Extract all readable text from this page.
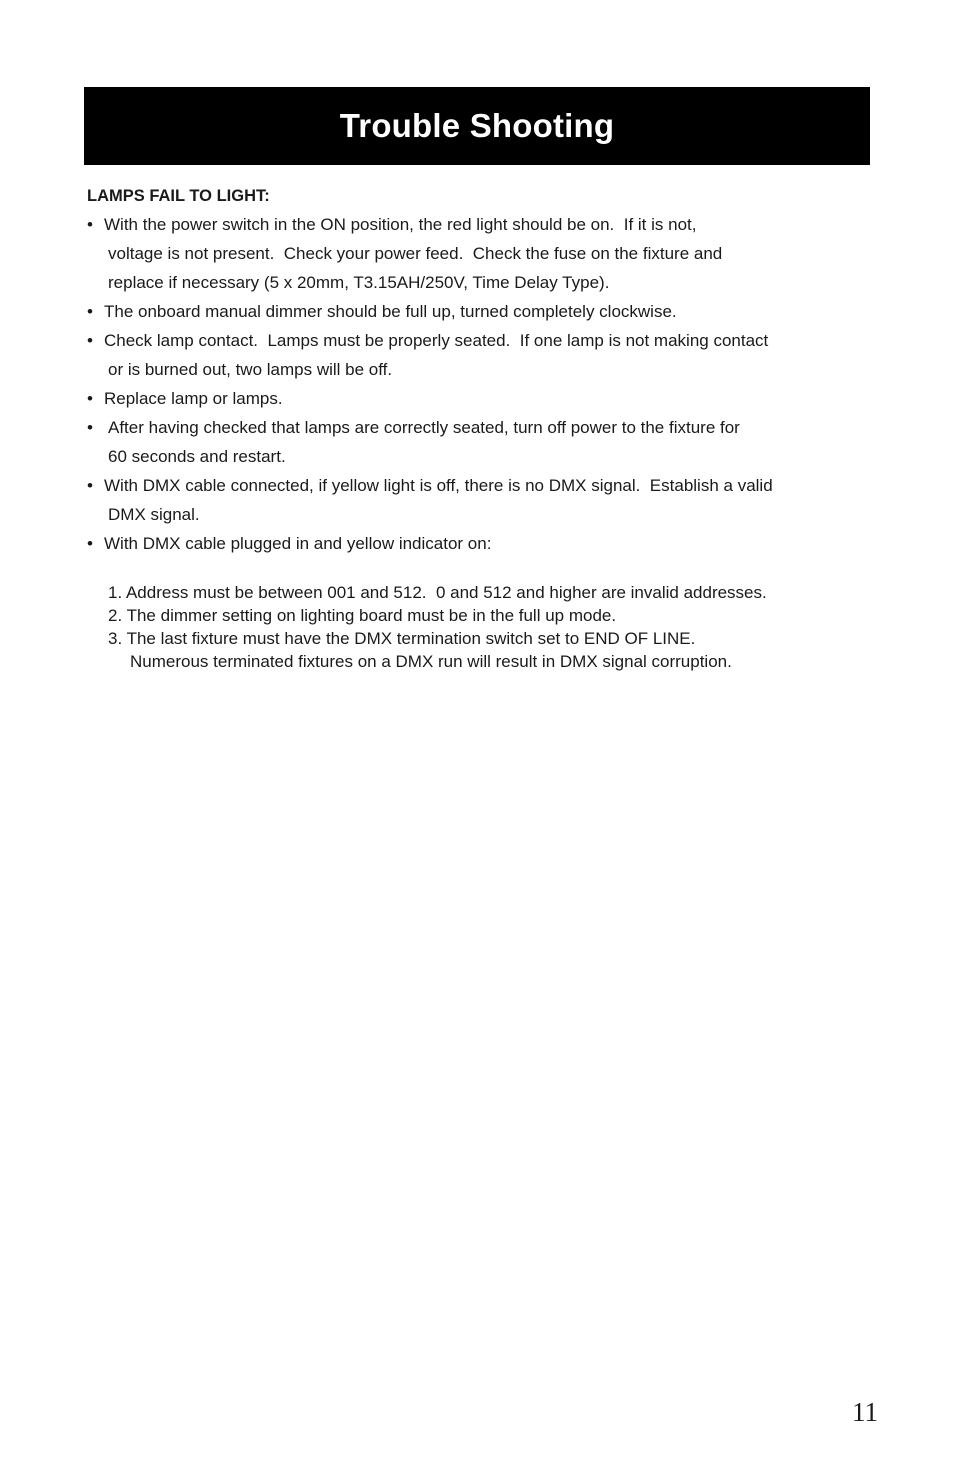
Trouble Shooting
LAMPS FAIL TO LIGHT:
• With the power switch in the ON position, the red light should be on.  If it is not,

voltage is not present.  Check your power feed.  Check the fuse on the fixture and

replace if necessary (5 x 20mm, T3.15AH/250V, Time Delay Type).

• The onboard manual dimmer should be full up, turned completely clockwise.

• Check lamp contact.  Lamps must be properly seated.  If one lamp is not making contact

or is burned out, two lamps will be off.

• Replace lamp or lamps.

• After having checked that lamps are correctly seated, turn off power to the fixture for

60 seconds and restart.

• With DMX cable connected, if yellow light is off, there is no DMX signal.  Establish a valid

DMX signal.

• With DMX cable plugged in and yellow indicator on:

1. Address must be between 001 and 512.  0 and 512 and higher are invalid addresses.

2. The dimmer setting on lighting board must be in the full up mode.

3. The last fixture must have the DMX termination switch set to END OF LINE.

Numerous terminated fixtures on a DMX run will result in DMX signal corruption.

11
